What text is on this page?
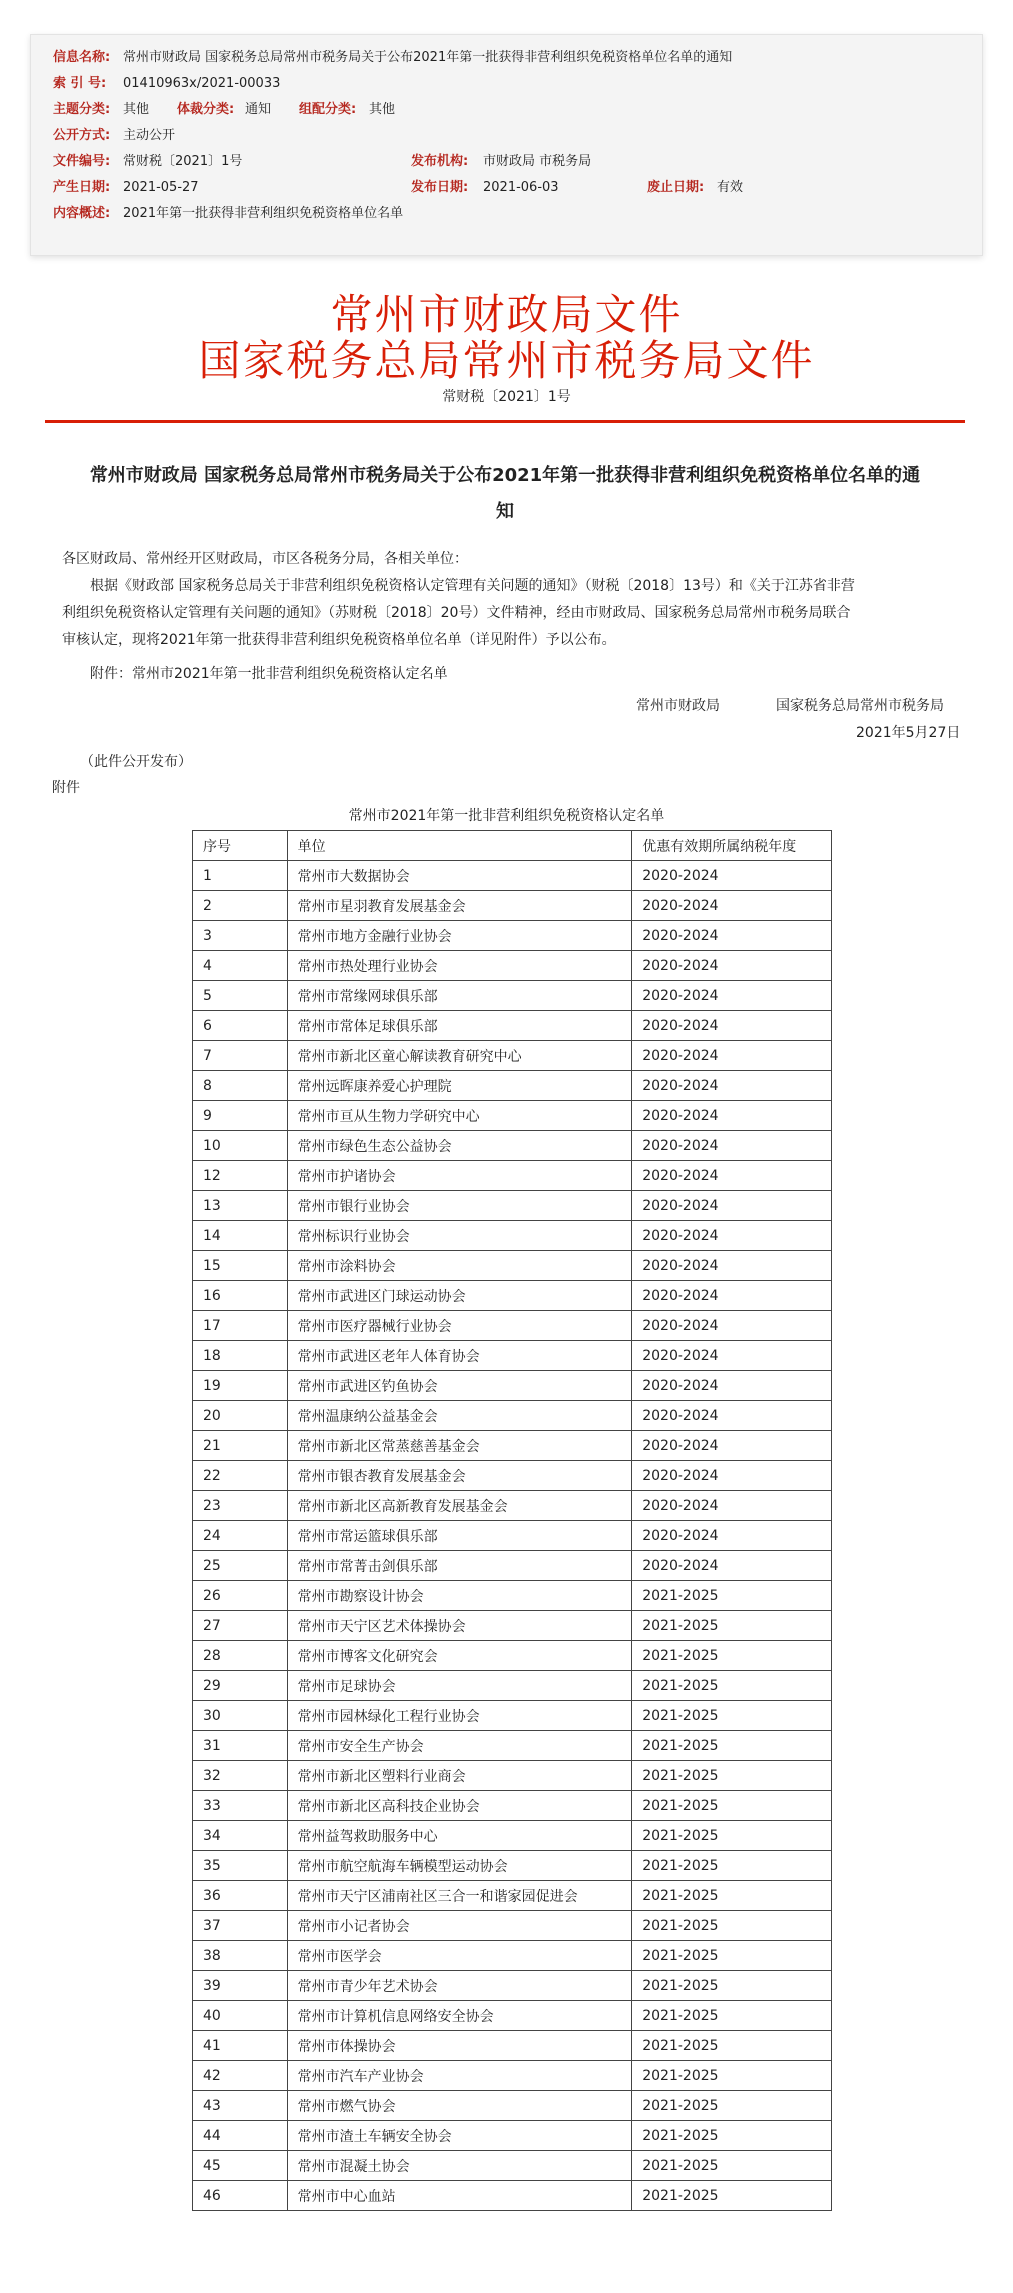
信息名称: 常州市财政局 国家税务总局常州市税务局关于公布2021年第一批获得非营利组织免税资格单位名单的通知
索 引 号: 01410963x/2021-00033
主题分类: 其他 体裁分类: 通知 组配分类: 其他
公开方式: 主动公开
文件编号: 常财税〔2021〕1号	发布机构: 市财政局 市税务局
产生日期: 2021-05-27	发布日期: 2021-06-03	废止日期: 有效
内容概述: 2021年第一批获得非营利组织免税资格单位名单
常州市财政局文件
国家税务总局常州市税务局文件
常财税〔2021〕1号
常州市财政局 国家税务总局常州市税务局关于公布2021年第一批获得非营利组织免税资格单位名单的通
知
各区财政局、常州经开区财政局，市区各税务分局，各相关单位：
根据《财政部 国家税务总局关于非营利组织免税资格认定管理有关问题的通知》（财税〔2018〕13号）和《关于江苏省非营
利组织免税资格认定管理有关问题的通知》（苏财税〔2018〕20号）文件精神，经由市财政局、国家税务总局常州市税务局联合
审核认定，现将2021年第一批获得非营利组织免税资格单位名单（详见附件）予以公布。
附件：常州市2021年第一批非营利组织免税资格认定名单
常州市财政局	国家税务总局常州市税务局
2021年5月27日
（此件公开发布）
附件
常州市2021年第一批非营利组织免税资格认定名单
序号	单位	优惠有效期所属纳税年度
1	常州市大数据协会	2020-2024
2	常州市星羽教育发展基金会	2020-2024
3	常州市地方金融行业协会	2020-2024
4	常州市热处理行业协会	2020-2024
5	常州市常缘网球俱乐部	2020-2024
6	常州市常体足球俱乐部	2020-2024
7	常州市新北区童心解读教育研究中心	2020-2024
8	常州远晖康养爱心护理院	2020-2024
9	常州市亘从生物力学研究中心	2020-2024
10	常州市绿色生态公益协会	2020-2024
12	常州市护诸协会	2020-2024
13	常州市银行业协会	2020-2024
14	常州标识行业协会	2020-2024
15	常州市涂料协会	2020-2024
16	常州市武进区门球运动协会	2020-2024
17	常州市医疗器械行业协会	2020-2024
18	常州市武进区老年人体育协会	2020-2024
19	常州市武进区钓鱼协会	2020-2024
20	常州温康纳公益基金会	2020-2024
21	常州市新北区常蒸慈善基金会	2020-2024
22	常州市银杏教育发展基金会	2020-2024
23	常州市新北区高新教育发展基金会	2020-2024
24	常州市常运篮球俱乐部	2020-2024
25	常州市常菁击剑俱乐部	2020-2024
26	常州市勘察设计协会	2021-2025
27	常州市天宁区艺术体操协会	2021-2025
28	常州市博客文化研究会	2021-2025
29	常州市足球协会	2021-2025
30	常州市园林绿化工程行业协会	2021-2025
31	常州市安全生产协会	2021-2025
32	常州市新北区塑料行业商会	2021-2025
33	常州市新北区高科技企业协会	2021-2025
34	常州益驾救助服务中心	2021-2025
35	常州市航空航海车辆模型运动协会	2021-2025
36	常州市天宁区浦南社区三合一和谐家园促进会	2021-2025
37	常州市小记者协会	2021-2025
38	常州市医学会	2021-2025
39	常州市青少年艺术协会	2021-2025
40	常州市计算机信息网络安全协会	2021-2025
41	常州市体操协会	2021-2025
42	常州市汽车产业协会	2021-2025
43	常州市燃气协会	2021-2025
44	常州市渣土车辆安全协会	2021-2025
45	常州市混凝土协会	2021-2025
46	常州市中心血站	2021-2025
